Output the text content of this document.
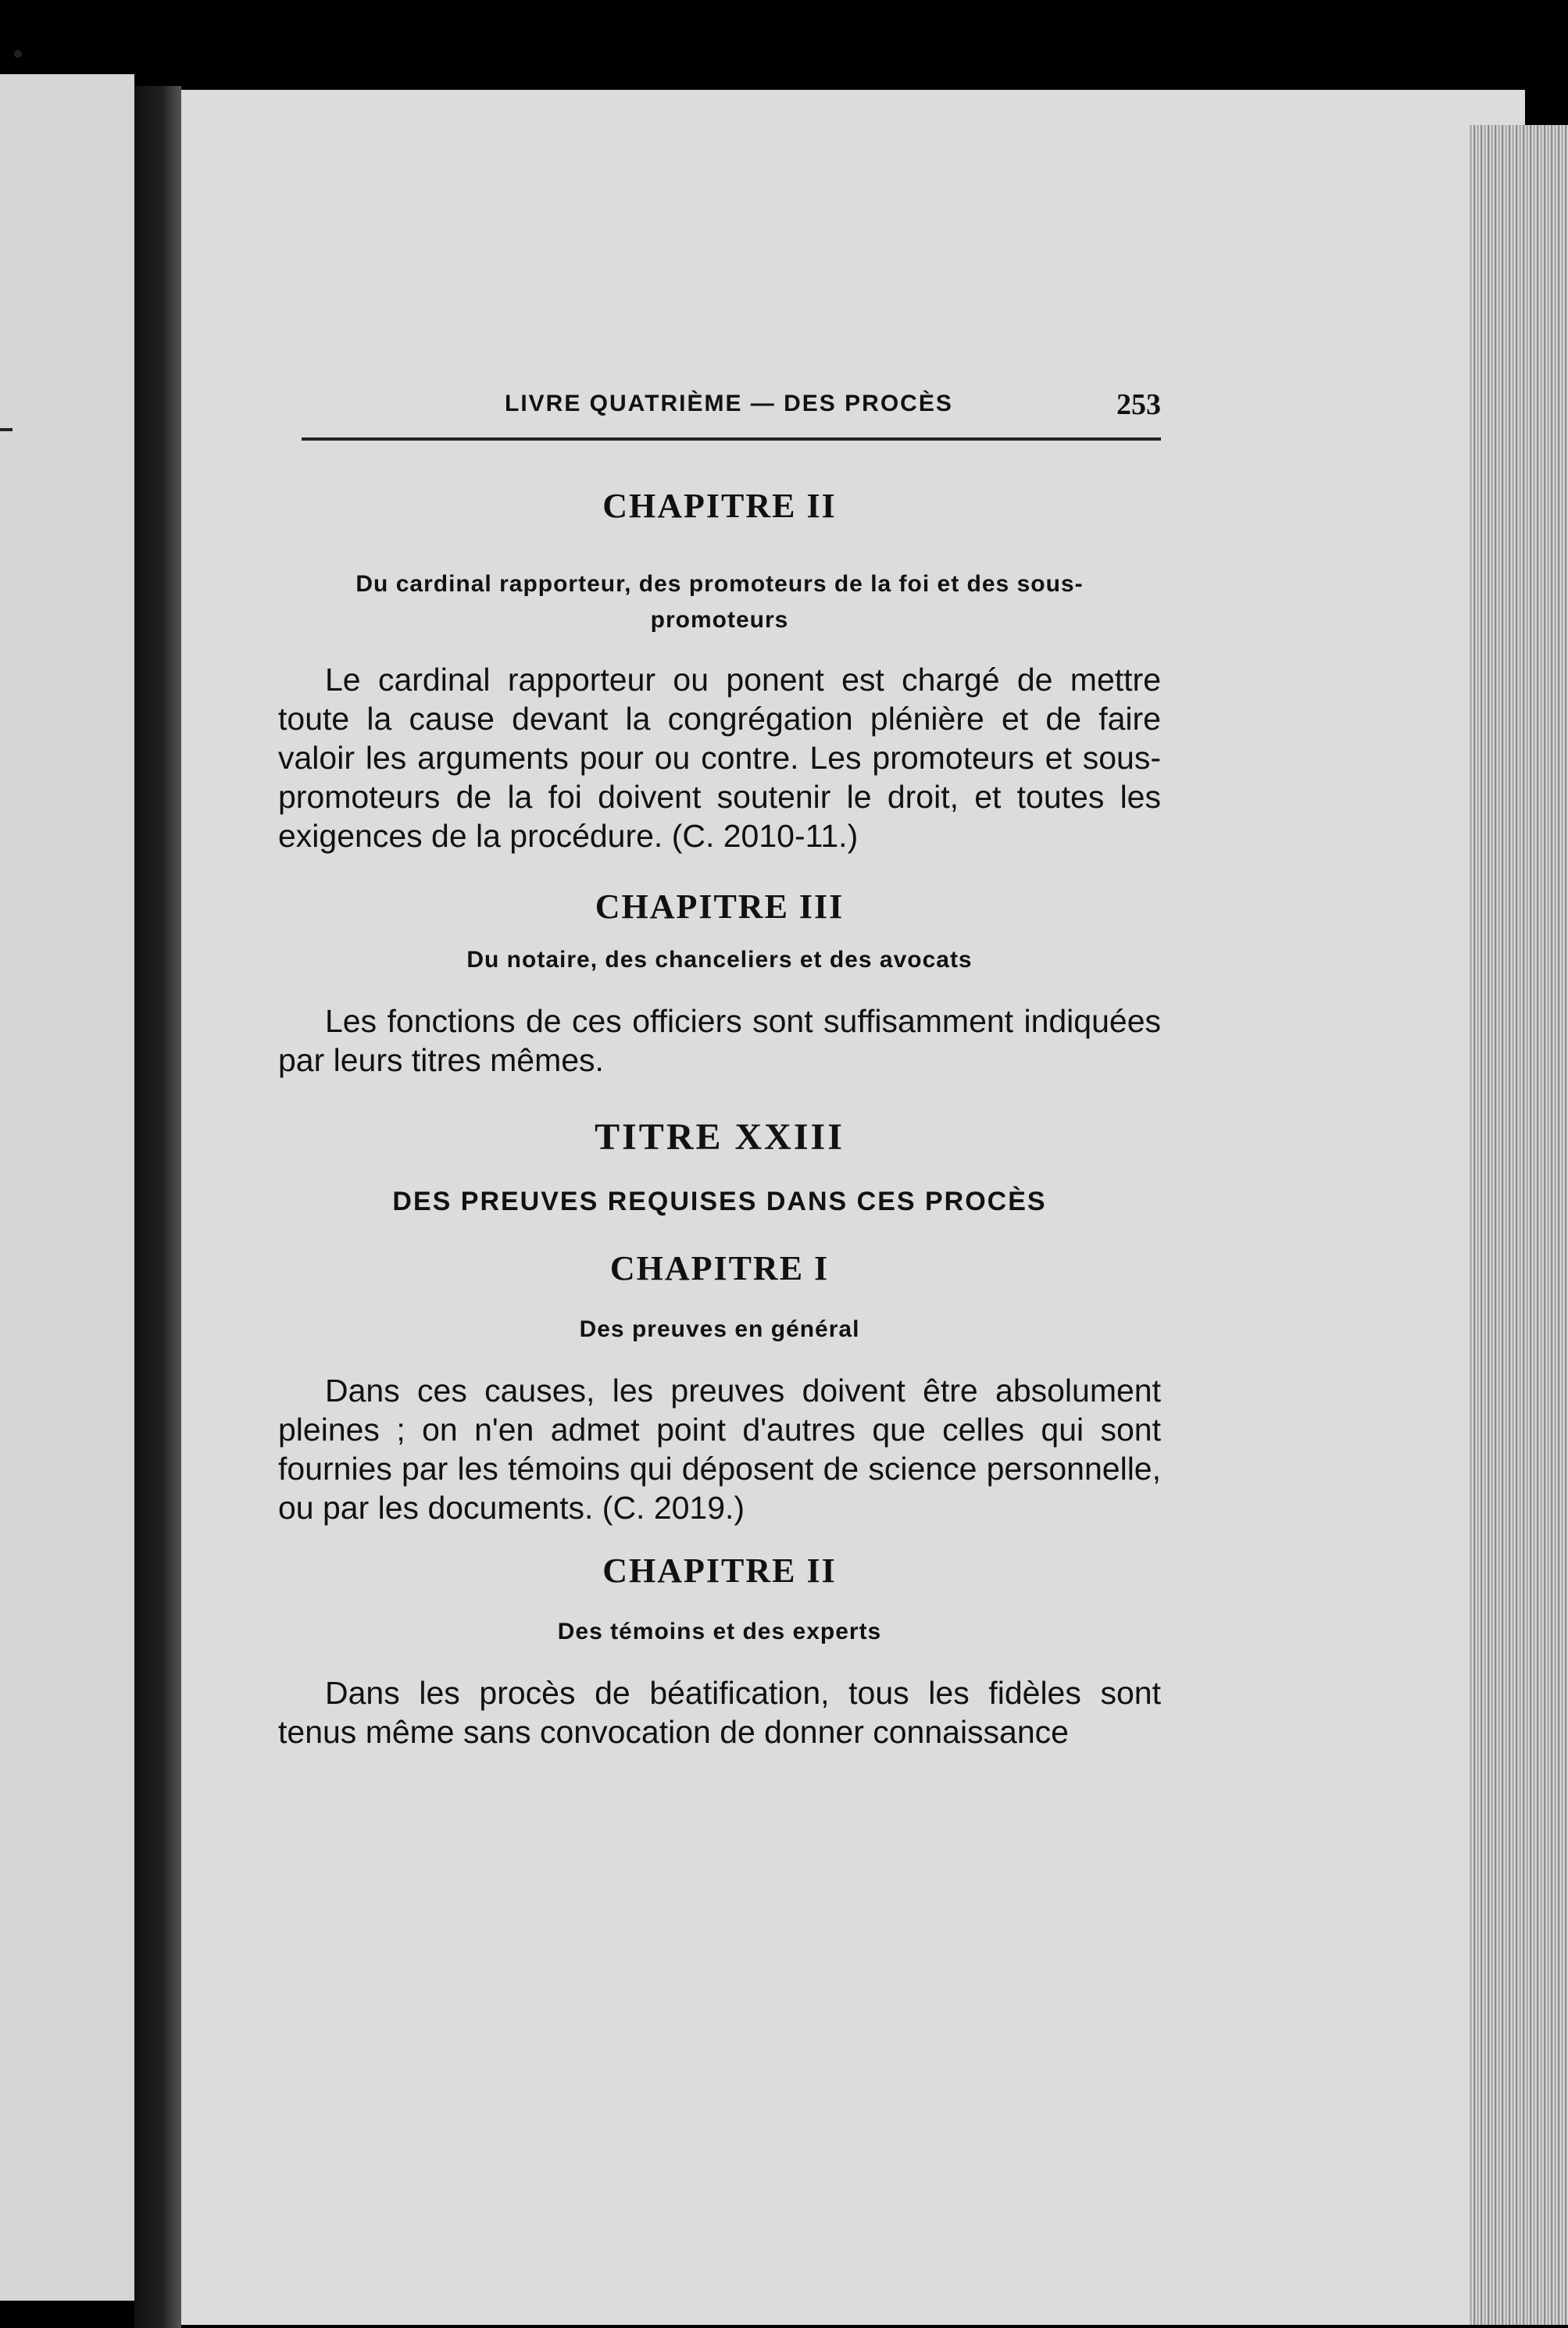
LIVRE QUATRIÈME — DES PROCÈS	253
CHAPITRE II

Du cardinal rapporteur, des promoteurs de la foi et des sous-promoteurs

Le cardinal rapporteur ou ponent est chargé de mettre toute la cause devant la congrégation plénière et de faire valoir les arguments pour ou contre. Les promoteurs et sous-promoteurs de la foi doivent soutenir le droit, et toutes les exigences de la procédure. (C. 2010-11.)

CHAPITRE III

Du notaire, des chanceliers et des avocats

Les fonctions de ces officiers sont suffisamment indiquées par leurs titres mêmes.

TITRE XXIII

DES PREUVES REQUISES DANS CES PROCÈS

CHAPITRE I

Des preuves en général

Dans ces causes, les preuves doivent être absolument pleines ; on n'en admet point d'autres que celles qui sont fournies par les témoins qui déposent de science personnelle, ou par les documents. (C. 2019.)

CHAPITRE II

Des témoins et des experts

Dans les procès de béatification, tous les fidèles sont tenus même sans convocation de donner connaissance
